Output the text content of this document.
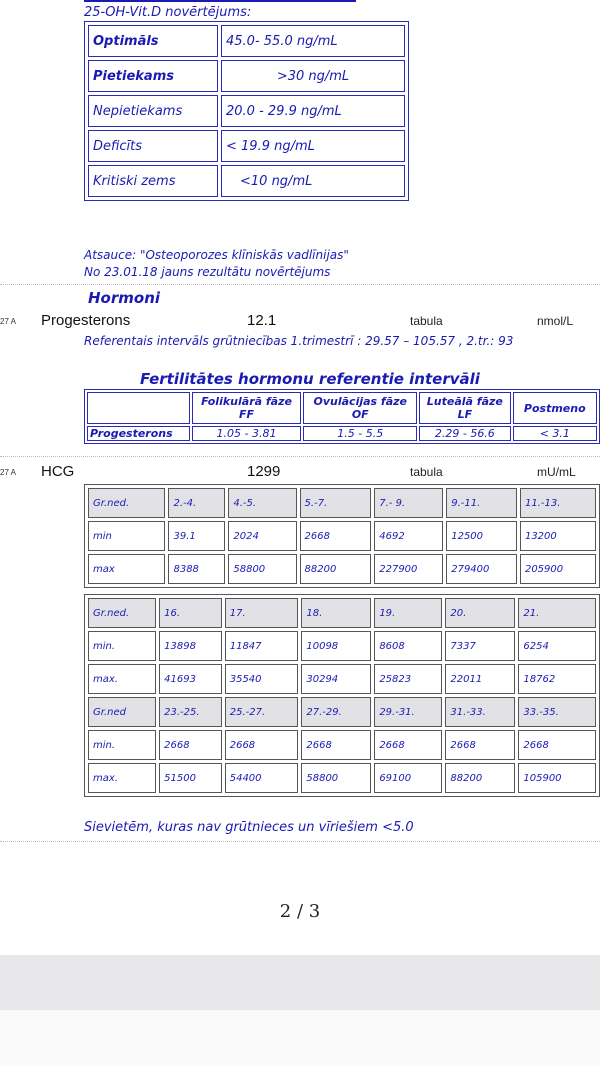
25-OH-Vit.D novērtējums:
Optimāls	45.0- 55.0 ng/mL
Pietiekams	>30 ng/mL
Nepietiekams	20.0 - 29.9 ng/mL
Deficīts	< 19.9 ng/mL
Kritiski zems	<10 ng/mL
Atsauce: "Osteoporozes klīniskās vadlīnijas"
No 23.01.18 jauns rezultātu novērtējums
Hormoni
27 A Progesterons	12.1	tabula	nmol/L
Referentais intervāls grūtniecības 1.trimestrī : 29.57 – 105.57 , 2.tr.: 93
Fertilitātes hormonu referentie intervāli
	Folikulārā fāze FF	Ovulācijas fāze OF	Luteālā fāze LF	Postmeno
Progesterons	1.05 - 3.81	1.5 - 5.5	2.29 - 56.6	< 3.1
27 A HCG	1299	tabula	mU/mL
Gr.ned.	2.-4.	4.-5.	5.-7.	7.- 9.	9.-11.	11.-13.
min	39.1	2024	2668	4692	12500	13200
max	8388	58800	88200	227900	279400	205900
Gr.ned.	16.	17.	18.	19.	20.	21.
min.	13898	11847	10098	8608	7337	6254
max.	41693	35540	30294	25823	22011	18762
Gr.ned	23.-25.	25.-27.	27.-29.	29.-31.	31.-33.	33.-35.
min.	2668	2668	2668	2668	2668	2668
max.	51500	54400	58800	69100	88200	105900
Sievietēm, kuras nav grūtnieces un vīriešiem <5.0
2 / 3
